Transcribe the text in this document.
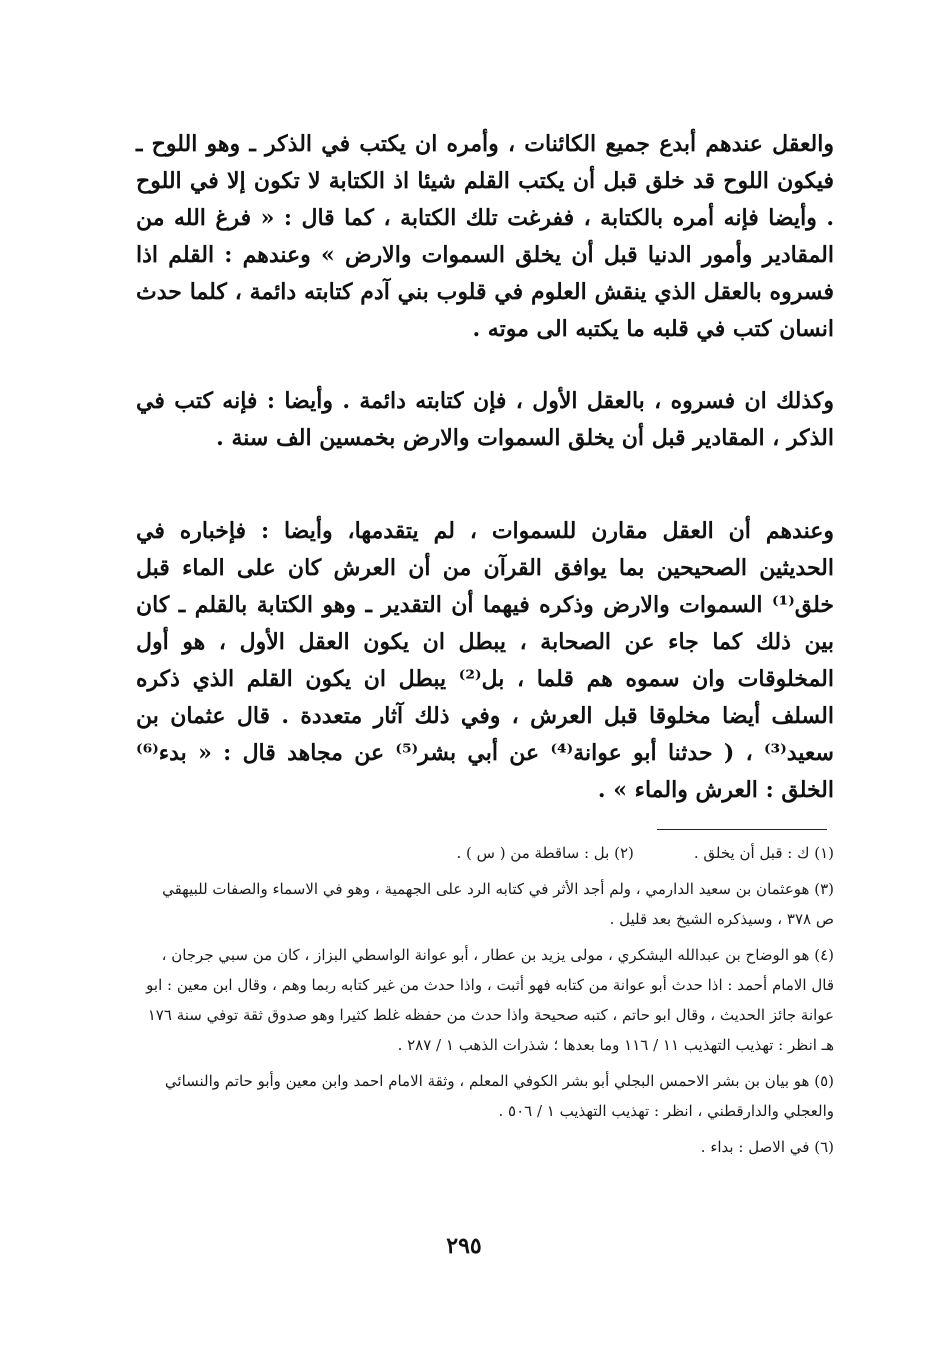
والعقل عندهم أبدع جميع الكائنات ، وأمره ان يكتب في الذكر ـ وهو اللوح ـ فيكون اللوح قد خلق قبل أن يكتب القلم شيئا اذ الكتابة لا تكون إلا في اللوح . وأيضا فإنه أمره بالكتابة ، ففرغت تلك الكتابة ، كما قال : « فرغ الله من المقادير وأمور الدنيا قبل أن يخلق السموات والارض » وعندهم : القلم اذا فسروه بالعقل الذي ينقش العلوم في قلوب بني آدم كتابته دائمة ، كلما حدث انسان كتب في قلبه ما يكتبه الى موته .
وكذلك ان فسروه ، بالعقل الأول ، فإن كتابته دائمة . وأيضا : فإنه كتب في الذكر ، المقادير قبل أن يخلق السموات والارض بخمسين الف سنة .
وعندهم أن العقل مقارن للسموات ، لم يتقدمها، وأيضا : فإخباره في الحديثين الصحيحين بما يوافق القرآن من أن العرش كان على الماء قبل خلق⁽¹⁾ السموات والارض وذكره فيهما أن التقدير ـ وهو الكتابة بالقلم ـ كان بين ذلك كما جاء عن الصحابة ، يبطل ان يكون العقل الأول ، هو أول المخلوقات وان سموه هم قلما ، بل⁽²⁾ يبطل ان يكون القلم الذي ذكره السلف أيضا مخلوقا قبل العرش ، وفي ذلك آثار متعددة . قال عثمان بن سعيد⁽³⁾ ، ( حدثنا أبو عوانة⁽⁴⁾ عن أبي بشر⁽⁵⁾ عن مجاهد قال : « بدء⁽⁶⁾ الخلق : العرش والماء » .
(١) ك : قبل أن يخلق .
(٢) بل : ساقطة من ( س ) .
(٣) هوعثمان بن سعيد الدارمي ، ولم أجد الأثر في كتابه الرد على الجهمية ، وهو في الاسماء والصفات للبيهقي ص ٣٧٨ ، وسيذكره الشيخ بعد قليل .
(٤) هو الوضاح بن عبدالله اليشكري ، مولى يزيد بن عطار ، أبو عوانة الواسطي البزاز ، كان من سبي جرجان ، قال الامام أحمد : اذا حدث أبو عوانة من كتابه فهو أثبت ، واذا حدث من غير كتابه ربما وهم ، وقال ابن معين : ابو عوانة جائز الحديث ، وقال ابو حاتم ، كتبه صحيحة واذا حدث من حفظه غلط كثيرا وهو صدوق ثقة توفي سنة ١٧٦ هـ انظر : تهذيب التهذيب ١١ / ١١٦ وما بعدها ؛ شذرات الذهب ١ / ٢٨٧ .
(٥) هو بيان بن بشر الاحمس البجلي أبو بشر الكوفي المعلم ، وثقة الامام احمد وابن معين وأبو حاتم والنسائي والعجلي والدارقطني ، انظر : تهذيب التهذيب ١ / ٥٠٦ .
(٦) في الاصل : بداء .
٢٩٥
